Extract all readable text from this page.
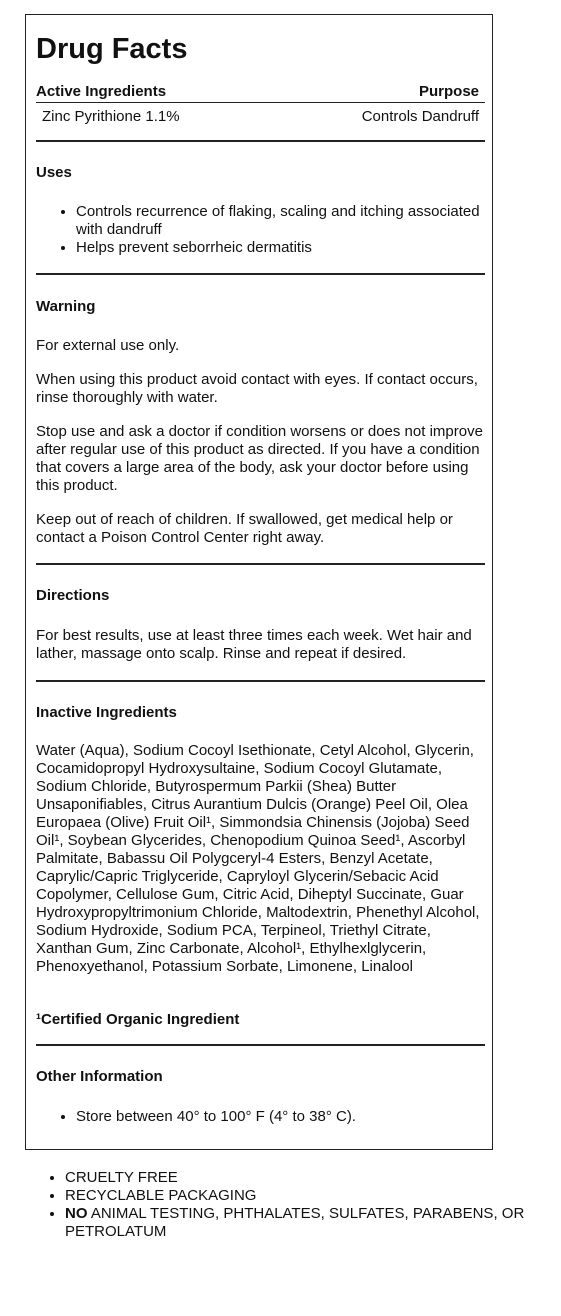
Drug Facts
Active Ingredients	Purpose
Zinc Pyrithione 1.1%	Controls Dandruff
Uses
• Controls recurrence of flaking, scaling and itching associated with dandruff
• Helps prevent seborrheic dermatitis
Warning
For external use only.
When using this product avoid contact with eyes. If contact occurs, rinse thoroughly with water.
Stop use and ask a doctor if condition worsens or does not improve after regular use of this product as directed. If you have a condition that covers a large area of the body, ask your doctor before using this product.
Keep out of reach of children. If swallowed, get medical help or contact a Poison Control Center right away.
Directions
For best results, use at least three times each week. Wet hair and lather, massage onto scalp. Rinse and repeat if desired.
Inactive Ingredients
Water (Aqua), Sodium Cocoyl Isethionate, Cetyl Alcohol, Glycerin, Cocamidopropyl Hydroxysultaine, Sodium Cocoyl Glutamate, Sodium Chloride, Butyrospermum Parkii (Shea) Butter Unsaponifiables, Citrus Aurantium Dulcis (Orange) Peel Oil, Olea Europaea (Olive) Fruit Oil¹, Simmondsia Chinensis (Jojoba) Seed Oil¹, Soybean Glycerides, Chenopodium Quinoa Seed¹, Ascorbyl Palmitate, Babassu Oil Polygceryl-4 Esters, Benzyl Acetate, Caprylic/Capric Triglyceride, Capryloyl Glycerin/Sebacic Acid Copolymer, Cellulose Gum, Citric Acid, Diheptyl Succinate, Guar Hydroxypropyltrimonium Chloride, Maltodextrin, Phenethyl Alcohol, Sodium Hydroxide, Sodium PCA, Terpineol, Triethyl Citrate, Xanthan Gum, Zinc Carbonate, Alcohol¹, Ethylhexlglycerin, Phenoxyethanol, Potassium Sorbate, Limonene, Linalool
¹Certified Organic Ingredient
Other Information
• Store between 40° to 100° F (4° to 38° C).
• CRUELTY FREE
• RECYCLABLE PACKAGING
• NO ANIMAL TESTING, PHTHALATES, SULFATES, PARABENS, OR PETROLATUM
